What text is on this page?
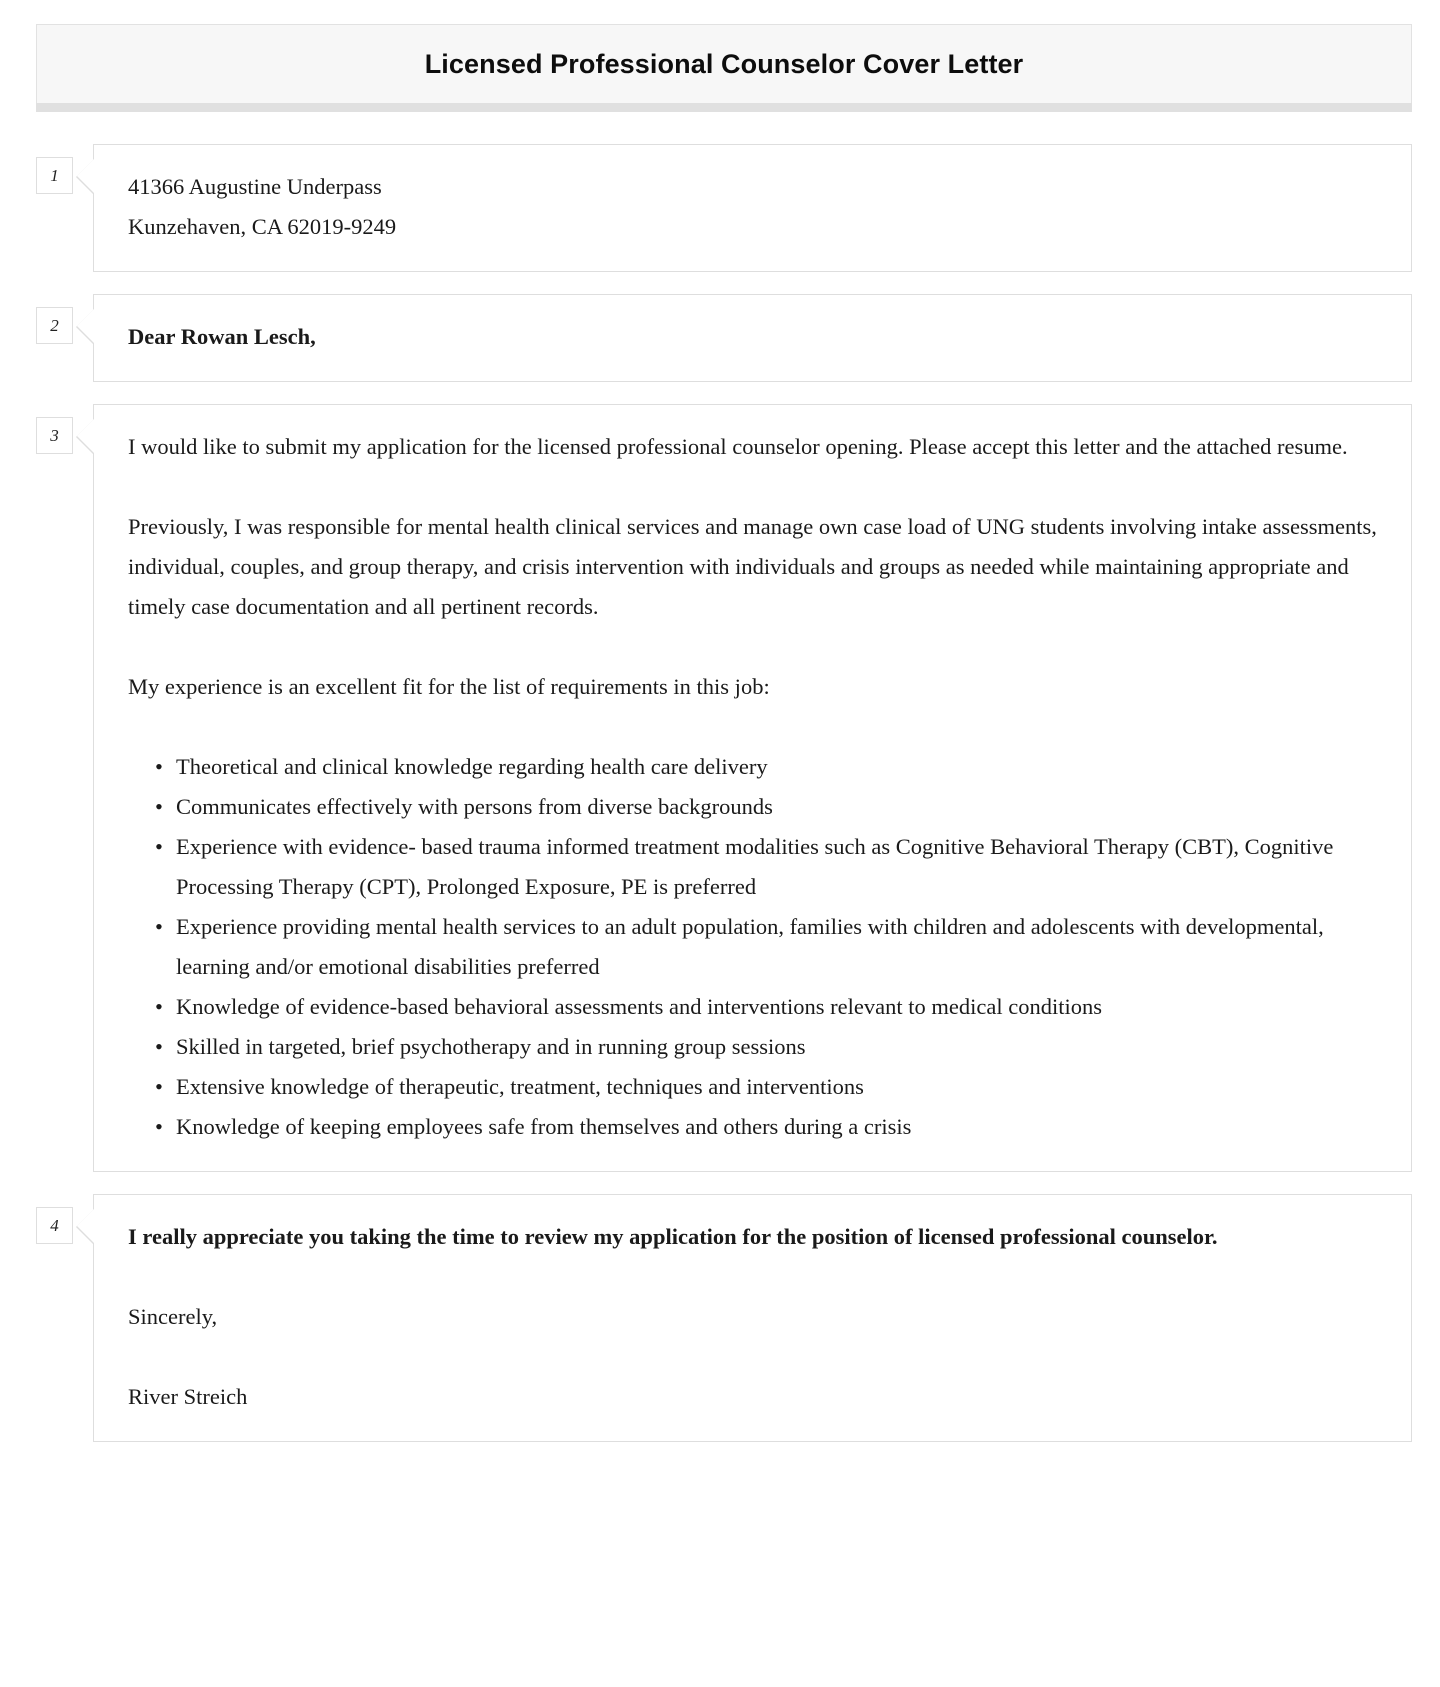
Licensed Professional Counselor Cover Letter
1	41366 Augustine Underpass
Kunzehaven, CA 62019-9249
2	Dear Rowan Lesch,
3	I would like to submit my application for the licensed professional counselor opening. Please accept this letter and the attached resume.

Previously, I was responsible for mental health clinical services and manage own case load of UNG students involving intake assessments, individual, couples, and group therapy, and crisis intervention with individuals and groups as needed while maintaining appropriate and timely case documentation and all pertinent records.

My experience is an excellent fit for the list of requirements in this job:

• Theoretical and clinical knowledge regarding health care delivery
• Communicates effectively with persons from diverse backgrounds
• Experience with evidence- based trauma informed treatment modalities such as Cognitive Behavioral Therapy (CBT), Cognitive Processing Therapy (CPT), Prolonged Exposure, PE is preferred
• Experience providing mental health services to an adult population, families with children and adolescents with developmental, learning and/or emotional disabilities preferred
• Knowledge of evidence-based behavioral assessments and interventions relevant to medical conditions
• Skilled in targeted, brief psychotherapy and in running group sessions
• Extensive knowledge of therapeutic, treatment, techniques and interventions
• Knowledge of keeping employees safe from themselves and others during a crisis
4	I really appreciate you taking the time to review my application for the position of licensed professional counselor.

Sincerely,

River Streich
